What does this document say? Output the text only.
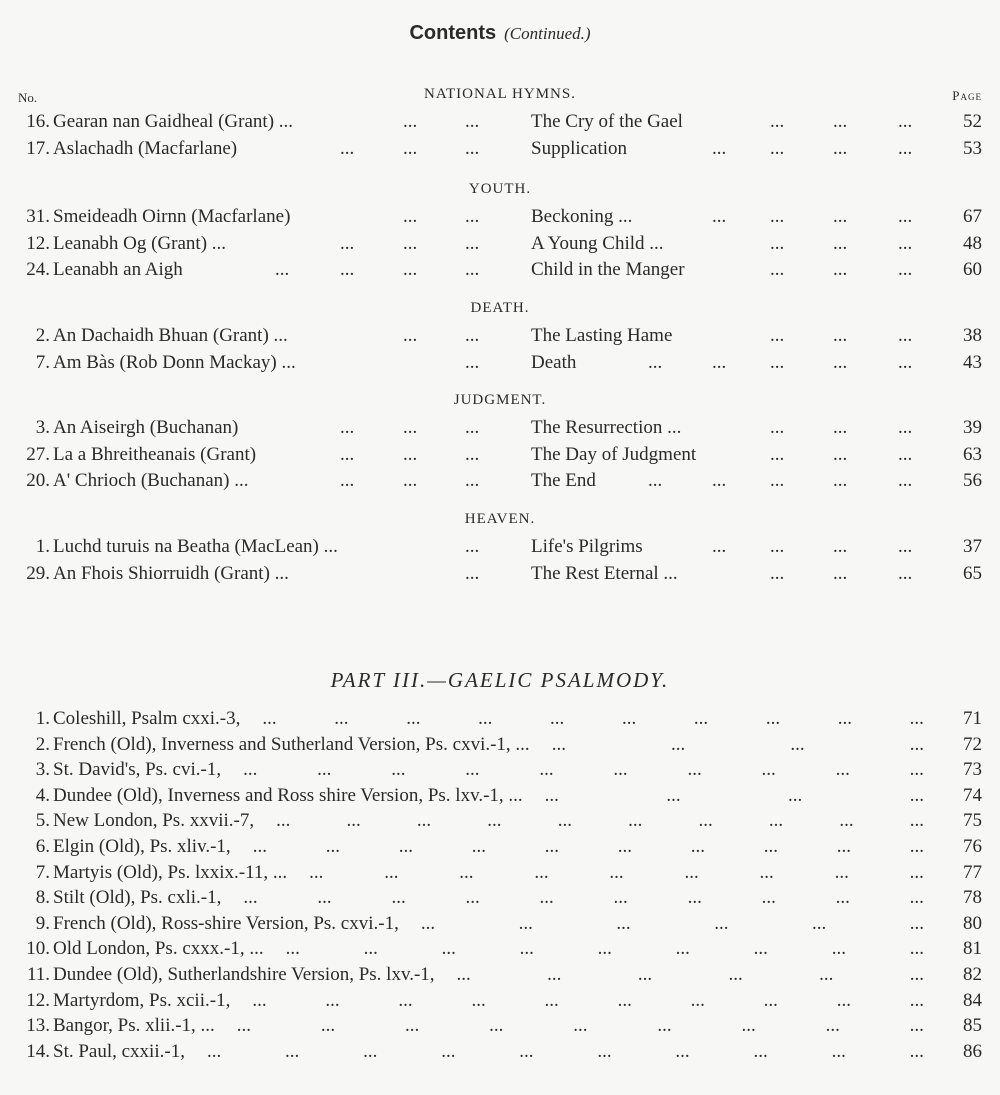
Contents (Continued.)
No.	Page
NATIONAL HYMNS.
16. Gearan nan Gaidheal (Grant) ...	...	...	The Cry of the Gael	...	...	...	52
17. Aslachadh (Macfarlane)	...	...	...	Supplication	... ...	...	...	53
YOUTH.
31. Smeideadh Oirnn (Macfarlane)	...	...	Beckoning ...	... ...	...	...	67
12. Leanabh Og (Grant) ...	...	...	...	A Young Child ...	...	...	...	48
24. Leanabh an Aigh	...	...	...	...	Child in the Manger	...	...	...	60
DEATH.
2. An Dachaidh Bhuan (Grant) ...	...	...	The Lasting Hame	...	...	...	38
7. Am Bàs (Rob Donn Mackay) ...	...	Death	...	... ...	...	...	43
JUDGMENT.
3. An Aiseirgh (Buchanan)	...	...	...	The Resurrection ...	...	...	...	39
27. La a Bhreitheanais (Grant)	...	...	...	The Day of Judgment	...	...	...	63
20. A' Chrioch (Buchanan) ...	...	...	...	The End	...	... ...	...	...	56
HEAVEN.
1. Luchd turuis na Beatha (MacLean) ...	...	Life's Pilgrims	... ...	...	...	37
29. An Fhois Shiorruidh (Grant) ...	...	The Rest Eternal ...	...	...	...	65
PART III.—GAELIC PSALMODY.
1. Coleshill, Psalm cxxi.-3, ...	...	...	...	...	...	...	...	...	...	71
2. French (Old), Inverness and Sutherland Version, Ps. cxvi.-1, ... ...	...	...	...	72
3. St. David's, Ps. cvi.-1, ...	...	...	...	...	...	...	...	...	...	73
4. Dundee (Old), Inverness and Ross shire Version, Ps. lxv.-1, ... ...	...	...	...	74
5. New London, Ps. xxvii.-7, ...	...	...	...	...	...	...	...	...	...	75
6. Elgin (Old), Ps. xliv.-1, ...	...	...	...	...	...	...	...	...	...	76
7. Martyis (Old), Ps. lxxix.-11, ... ...	...	...	...	...	...	...	...	...	77
8. Stilt (Old), Ps. cxli.-1, ...	...	...	...	...	...	...	...	...	...	78
9. French (Old), Ross-shire Version, Ps. cxvi.-1, ...	...	...	...	...	...	80
10. Old London, Ps. cxxx.-1, ... ...	...	...	...	...	...	...	...	...	81
11. Dundee (Old), Sutherlandshire Version, Ps. lxv.-1, ...	...	...	...	...	...	82
12. Martyrdom, Ps. xcii.-1, ...	...	...	...	...	...	...	...	...	...	84
13. Bangor, Ps. xlii.-1, ... ...	...	...	...	...	...	...	...	...	85
14. St. Paul, cxxii.-1, ...	...	...	...	...	...	...	...	...	...	86
